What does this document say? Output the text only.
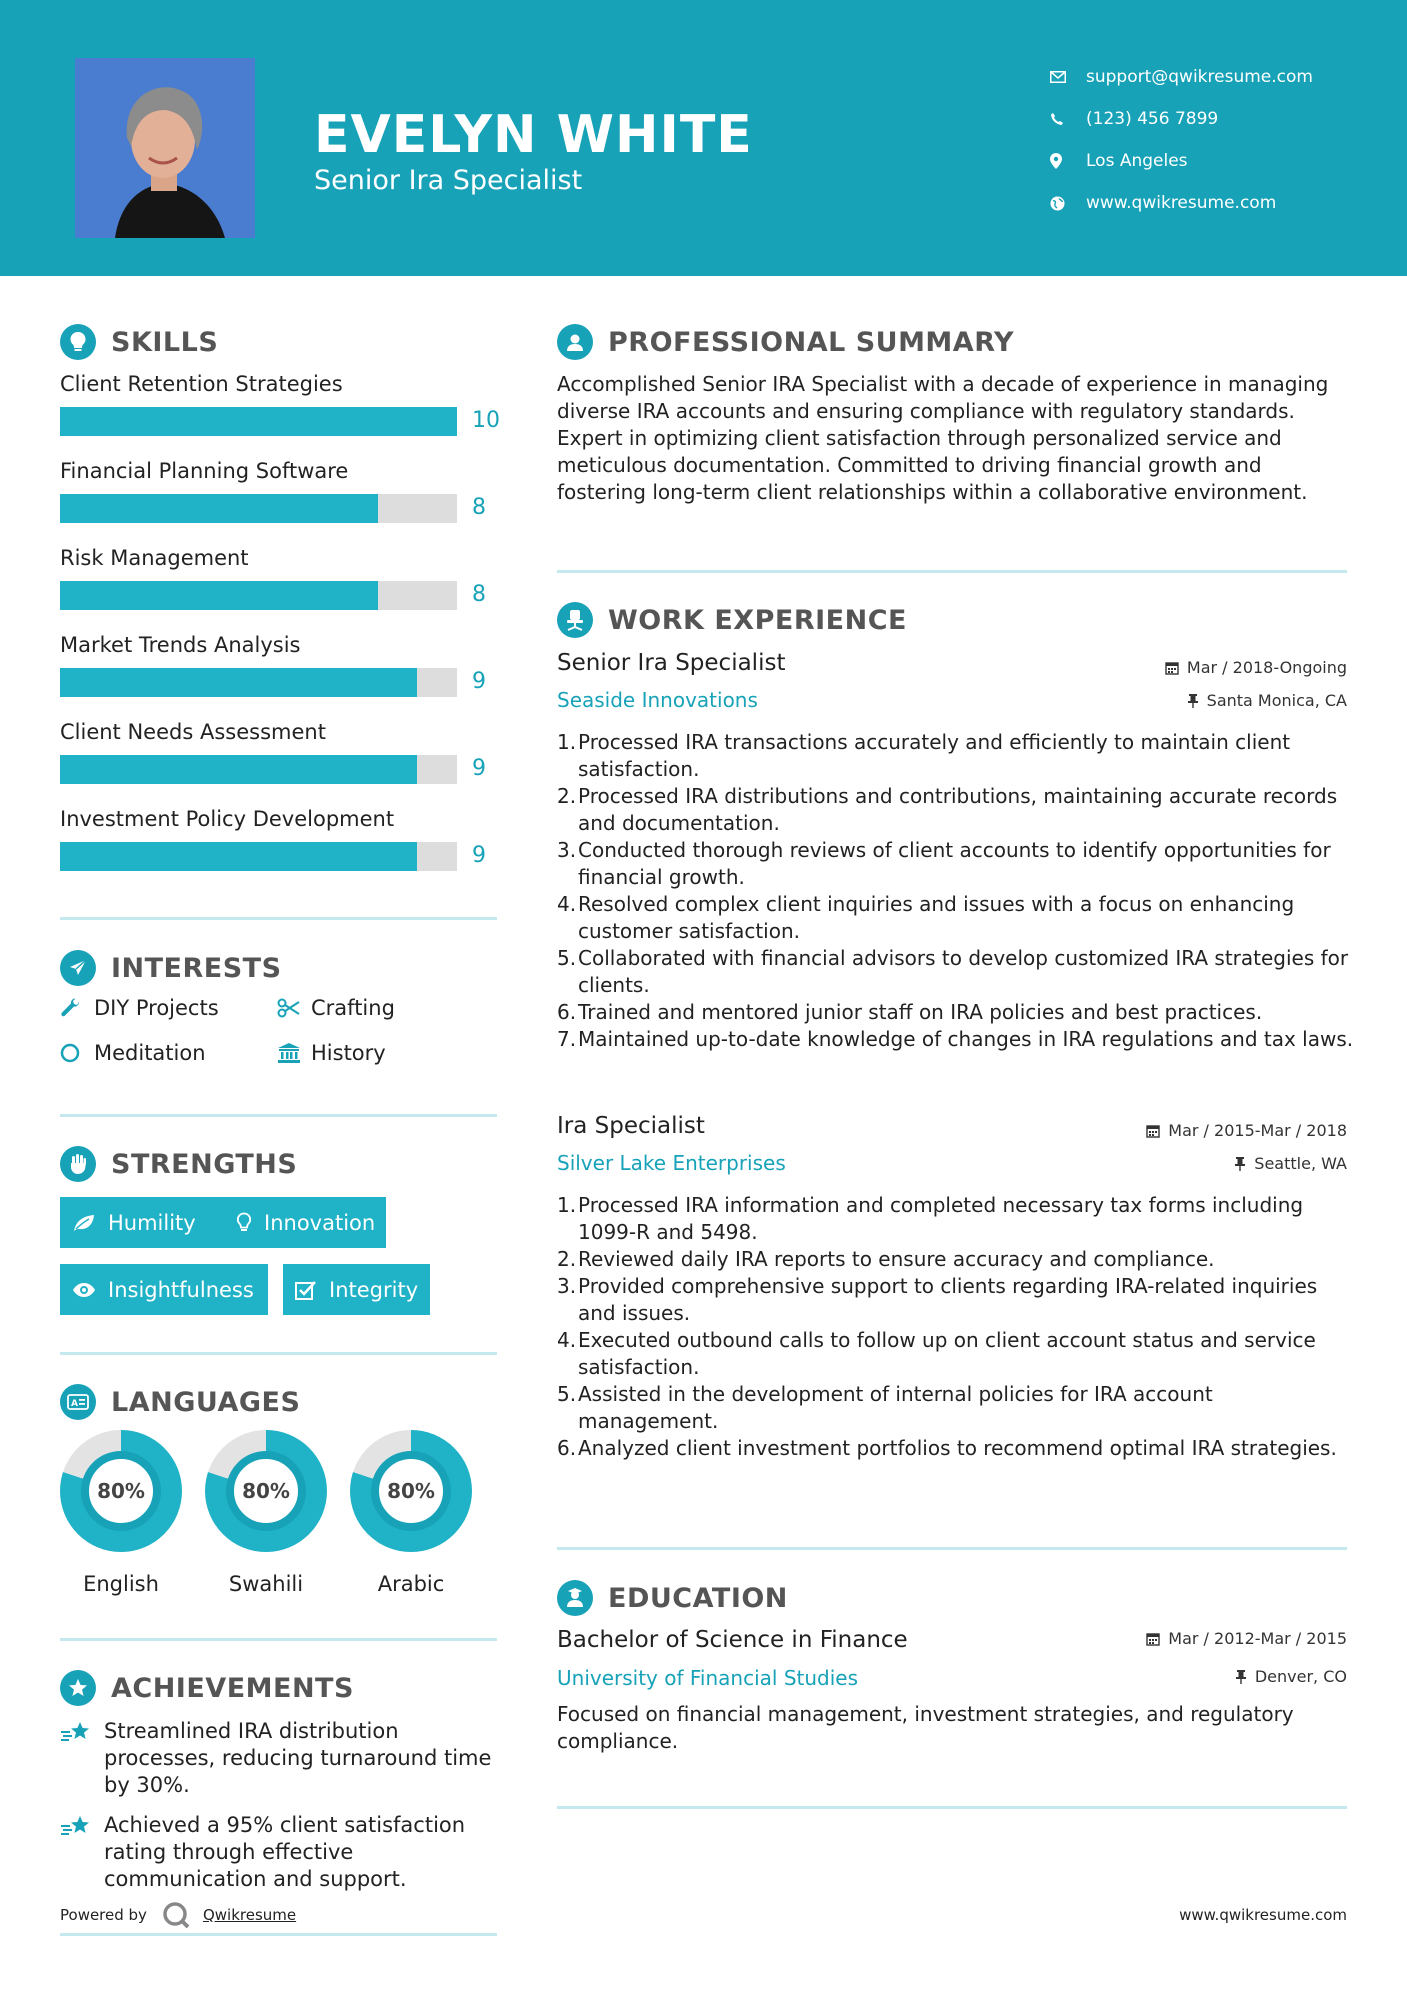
EVELYN WHITE
Senior Ira Specialist
support@qwikresume.com
(123) 456 7899
Los Angeles
www.qwikresume.com
SKILLS
Client Retention Strategies
10
Financial Planning Software
8
Risk Management
8
Market Trends Analysis
9
Client Needs Assessment
9
Investment Policy Development
9
INTERESTS
DIY Projects	Crafting
Meditation	History
STRENGTHS
Humility	Innovation
Insightfulness	Integrity
A LANGUAGES
80%
English
80%
Swahili
80%
Arabic
ACHIEVEMENTS
Streamlined IRA distribution processes, reducing turnaround time by 30%.
Achieved a 95% client satisfaction rating through effective communication and support.
Powered by	Qwikresume
PROFESSIONAL SUMMARY
Accomplished Senior IRA Specialist with a decade of experience in managing diverse IRA accounts and ensuring compliance with regulatory standards. Expert in optimizing client satisfaction through personalized service and meticulous documentation. Committed to driving financial growth and fostering long-term client relationships within a collaborative environment.
WORK EXPERIENCE
Senior Ira Specialist	Mar / 2018-Ongoing
Seaside Innovations	Santa Monica, CA
1. Processed IRA transactions accurately and efficiently to maintain client satisfaction.
2. Processed IRA distributions and contributions, maintaining accurate records and documentation.
3. Conducted thorough reviews of client accounts to identify opportunities for financial growth.
4. Resolved complex client inquiries and issues with a focus on enhancing customer satisfaction.
5. Collaborated with financial advisors to develop customized IRA strategies for clients.
6. Trained and mentored junior staff on IRA policies and best practices.
7. Maintained up-to-date knowledge of changes in IRA regulations and tax laws.
Ira Specialist	Mar / 2015-Mar / 2018
Silver Lake Enterprises	Seattle, WA
1. Processed IRA information and completed necessary tax forms including 1099-R and 5498.
2. Reviewed daily IRA reports to ensure accuracy and compliance.
3. Provided comprehensive support to clients regarding IRA-related inquiries and issues.
4. Executed outbound calls to follow up on client account status and service satisfaction.
5. Assisted in the development of internal policies for IRA account management.
6. Analyzed client investment portfolios to recommend optimal IRA strategies.
EDUCATION
Bachelor of Science in Finance	Mar / 2012-Mar / 2015
University of Financial Studies	Denver, CO
Focused on financial management, investment strategies, and regulatory compliance.
www.qwikresume.com
